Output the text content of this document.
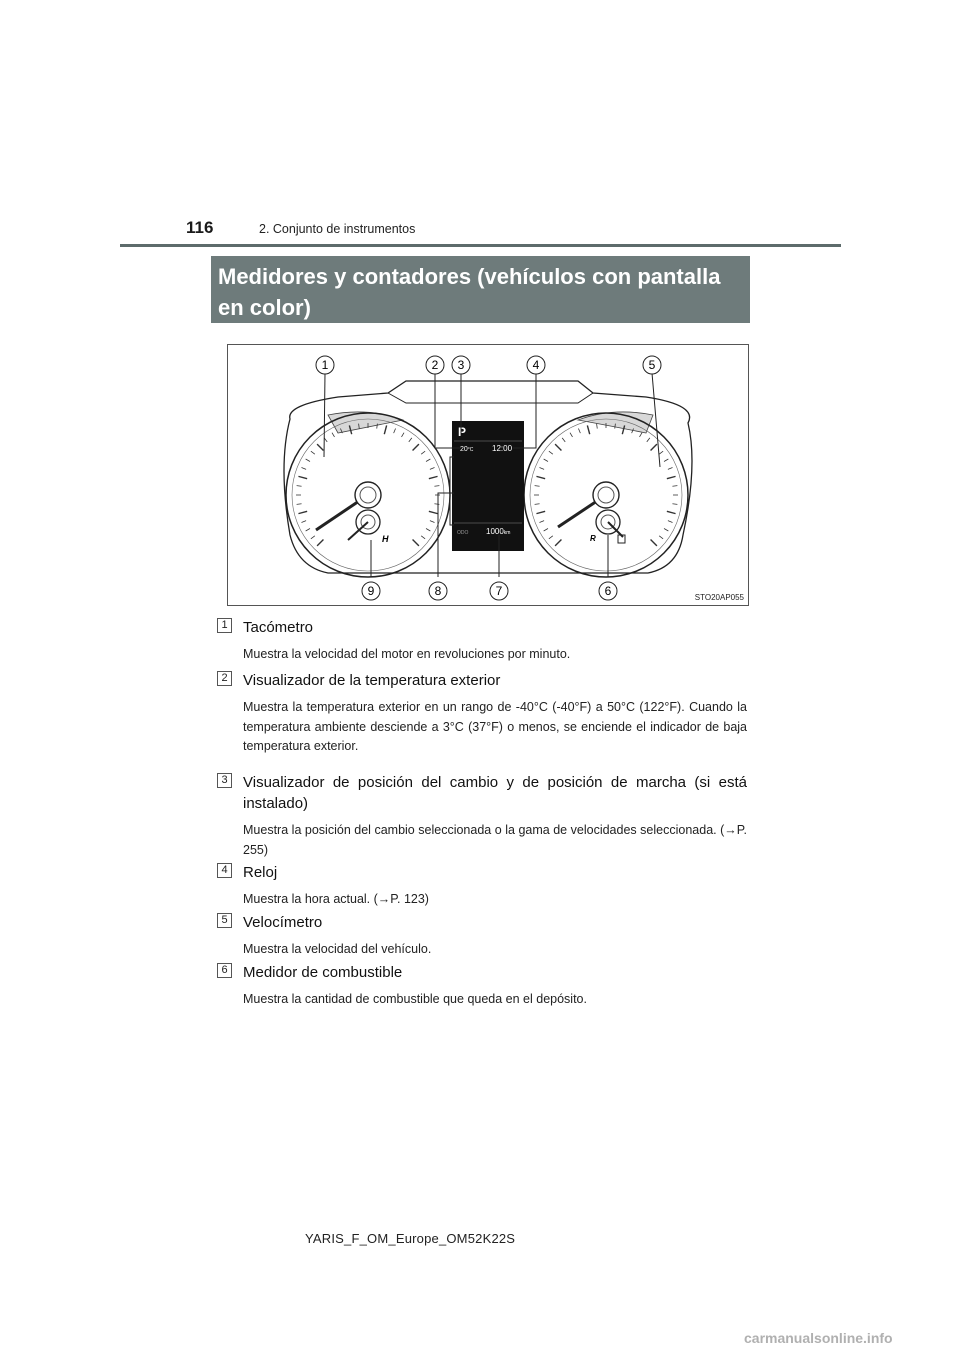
116	2. Conjunto de instrumentos
Medidores y contadores (vehículos con pantalla
en color)
H	R
P
20°C 12:00
ODO 1000km
1	2 3	4	5
6
7
8
9	STO20AP055
1 Tacómetro
Muestra la velocidad del motor en revoluciones por minuto.
2 Visualizador de la temperatura exterior
Muestra la temperatura exterior en un rango de -40°C (-40°F) a 50°C (122°F). Cuando la temperatura ambiente desciende a 3°C (37°F) o menos, se enciende el indicador de baja temperatura exterior.
3 Visualizador de posición del cambio y de posición de marcha (si está instalado)
Muestra la posición del cambio seleccionada o la gama de velocidades seleccionada. (→P. 255)
4 Reloj
Muestra la hora actual. (→P. 123)
5 Velocímetro
Muestra la velocidad del vehículo.
6 Medidor de combustible
Muestra la cantidad de combustible que queda en el depósito.
YARIS_F_OM_Europe_OM52K22S
carmanualsonline.info
